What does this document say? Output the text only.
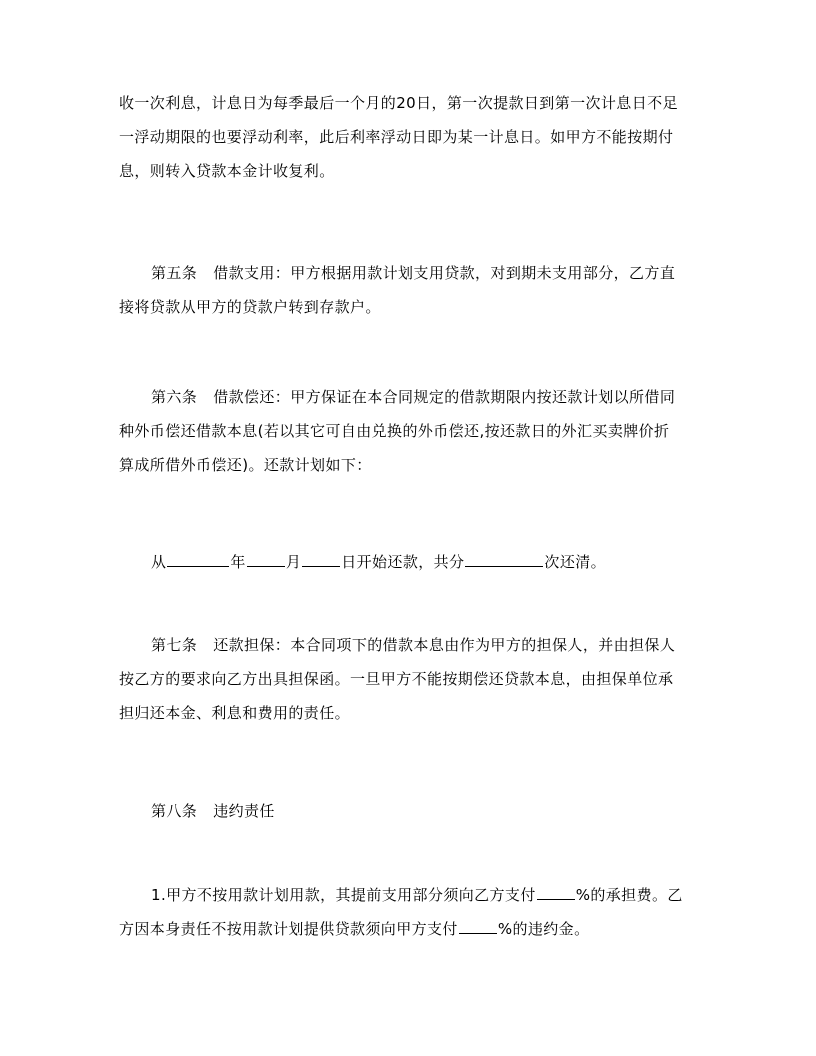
收一次利息，计息日为每季最后一个月的20日，第一次提款日到第一次计息日不足
一浮动期限的也要浮动利率，此后利率浮动日即为某一计息日。如甲方不能按期付
息，则转入贷款本金计收复利。
第五条 借款支用：甲方根据用款计划支用贷款，对到期未支用部分，乙方直
接将贷款从甲方的贷款户转到存款户。
第六条 借款偿还：甲方保证在本合同规定的借款期限内按还款计划以所借同
种外币偿还借款本息(若以其它可自由兑换的外币偿还,按还款日的外汇买卖牌价折
算成所借外币偿还)。还款计划如下：
从	年	月	日开始还款，共分	次还清。
第七条 还款担保：本合同项下的借款本息由作为甲方的担保人，并由担保人
按乙方的要求向乙方出具担保函。一旦甲方不能按期偿还贷款本息，由担保单位承
担归还本金、利息和费用的责任。
第八条 违约责任
1.甲方不按用款计划用款，其提前支用部分须向乙方支付	%的承担费。乙
方因本身责任不按用款计划提供贷款须向甲方支付	%的违约金。
